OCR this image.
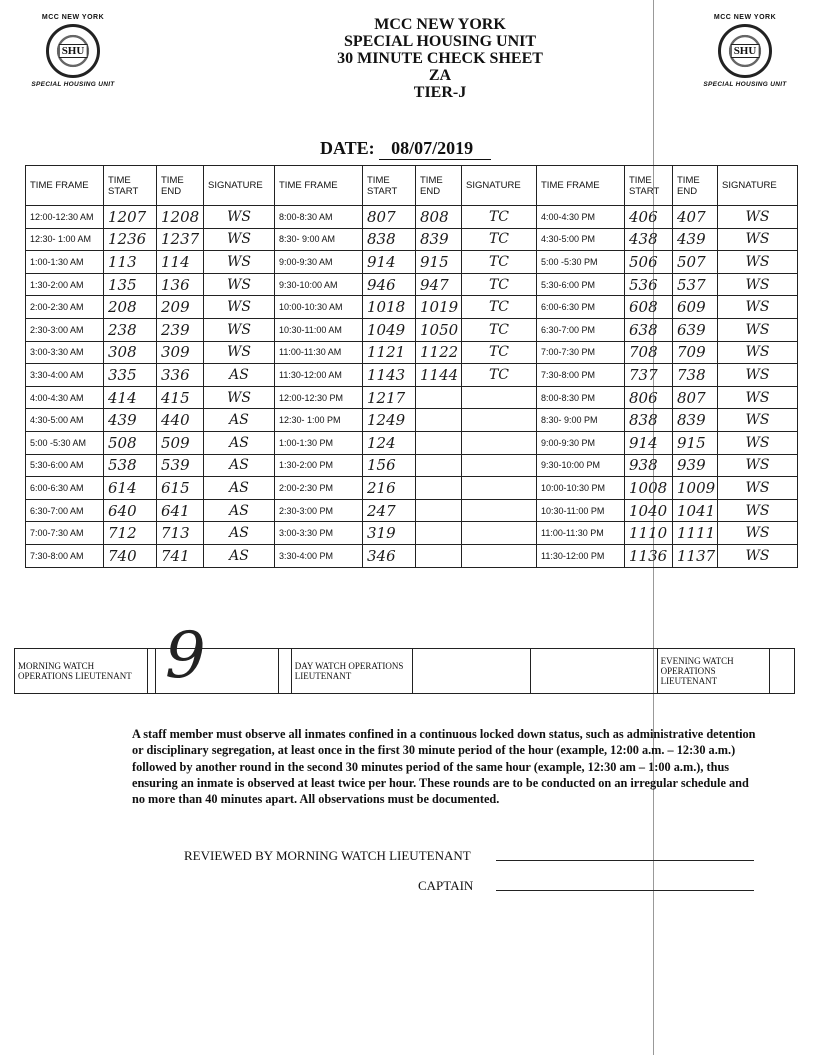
MCC NEW YORK
SHU
SPECIAL HOUSING UNIT
MCC NEW YORK
SHU
SPECIAL HOUSING UNIT
MCC NEW YORK
SPECIAL HOUSING UNIT
30 MINUTE CHECK SHEET
ZA
TIER-J
DATE: 08/07/2019
TIME FRAME	TIME START	TIME END	SIGNATURE	TIME FRAME	TIME START	TIME END	SIGNATURE	TIME FRAME	TIME START	TIME END	SIGNATURE
12:00-12:30 AM	1207	1208	WS	8:00-8:30 AM	807	808	TC	4:00-4:30 PM	406	407	WS
12:30- 1:00 AM	1236	1237	WS	8:30- 9:00 AM	838	839	TC	4:30-5:00 PM	438	439	WS
1:00-1:30 AM	113	114	WS	9:00-9:30 AM	914	915	TC	5:00 -5:30 PM	506	507	WS
1:30-2:00 AM	135	136	WS	9:30-10:00 AM	946	947	TC	5:30-6:00 PM	536	537	WS
2:00-2:30 AM	208	209	WS	10:00-10:30 AM	1018	1019	TC	6:00-6:30 PM	608	609	WS
2:30-3:00 AM	238	239	WS	10:30-11:00 AM	1049	1050	TC	6:30-7:00 PM	638	639	WS
3:00-3:30 AM	308	309	WS	11:00-11:30 AM	1121	1122	TC	7:00-7:30 PM	708	709	WS
3:30-4:00 AM	335	336	AS	11:30-12:00 AM	1143	1144	TC	7:30-8:00 PM	737	738	WS
4:00-4:30 AM	414	415	WS	12:00-12:30 PM	1217			8:00-8:30 PM	806	807	WS
4:30-5:00 AM	439	440	AS	12:30- 1:00 PM	1249			8:30- 9:00 PM	838	839	WS
5:00 -5:30 AM	508	509	AS	1:00-1:30 PM	124			9:00-9:30 PM	914	915	WS
5:30-6:00 AM	538	539	AS	1:30-2:00 PM	156			9:30-10:00 PM	938	939	WS
6:00-6:30 AM	614	615	AS	2:00-2:30 PM	216			10:00-10:30 PM	1008	1009	WS
6:30-7:00 AM	640	641	AS	2:30-3:00 PM	247			10:30-11:00 PM	1040	1041	WS
7:00-7:30 AM	712	713	AS	3:00-3:30 PM	319			11:00-11:30 PM	1110	1111	WS
7:30-8:00 AM	740	741	AS	3:30-4:00 PM	346			11:30-12:00 PM	1136	1137	WS
MORNING WATCH OPERATIONS LIEUTENANT				DAY WATCH OPERATIONS LIEUTENANT			EVENING WATCH OPERATIONS LIEUTENANT	
9
A staff member must observe all inmates confined in a continuous locked down status, such as administrative detention or disciplinary segregation, at least once in the first 30 minute period of the hour (example, 12:00 a.m. – 12:30 a.m.) followed by another round in the second 30 minutes period of the same hour (example, 12:30 am – 1:00 a.m.), thus ensuring an inmate is observed at least twice per hour. These rounds are to be conducted on an irregular schedule and no more than 40 minutes apart. All observations must be documented.
REVIEWED BY MORNING WATCH LIEUTENANT
CAPTAIN
